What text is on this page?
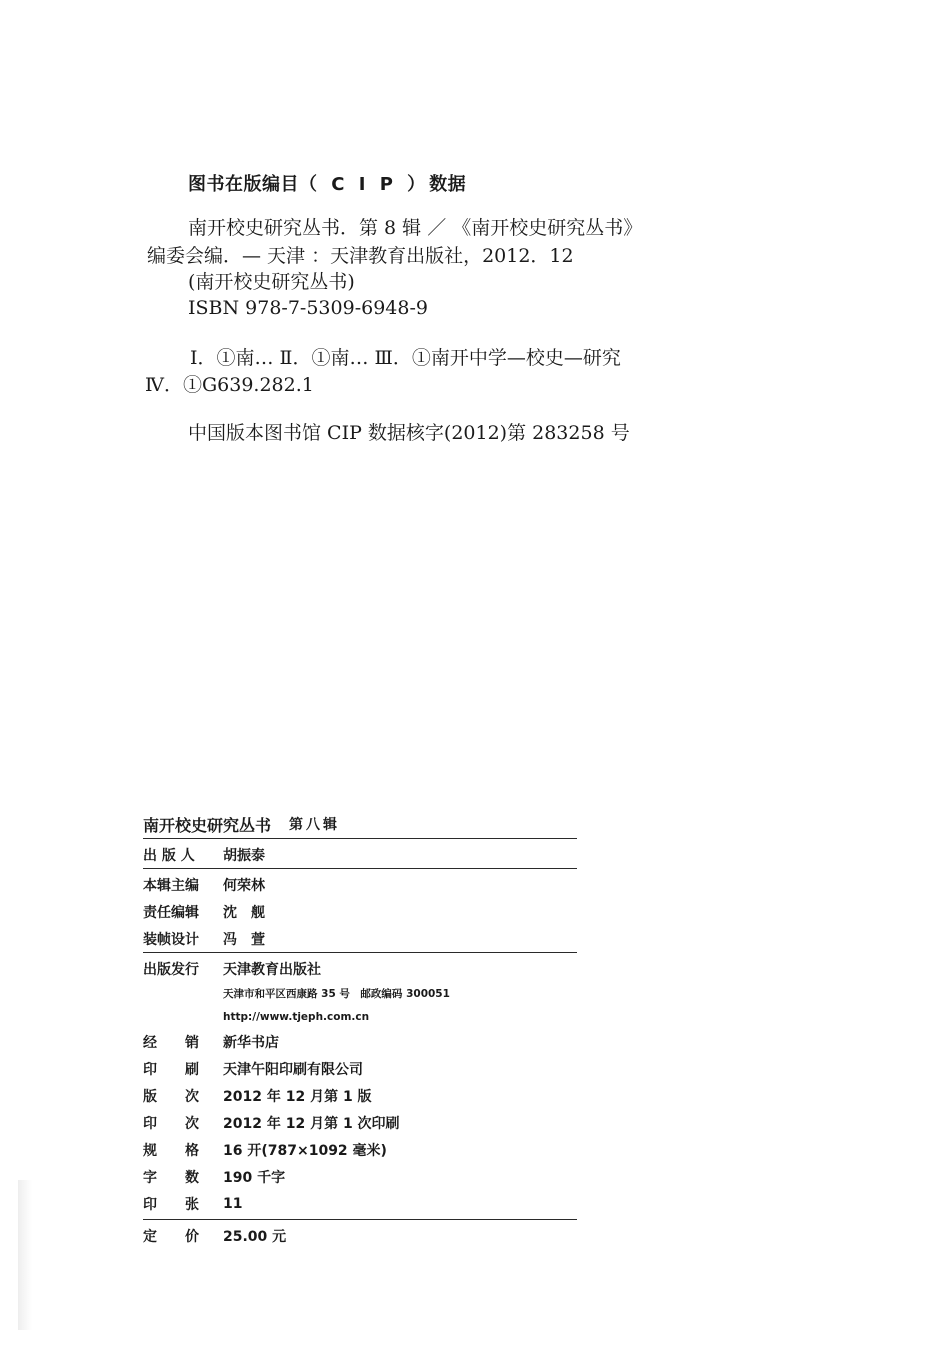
图书在版编目（ C I P ）数据
南开校史研究丛书．第 8 辑 ／ 《南开校史研究丛书》
编委会编．— 天津 ：天津教育出版社，2012．12
(南开校史研究丛书)
ISBN 978-7-5309-6948-9
Ⅰ．①南… Ⅱ．①南… Ⅲ．①南开中学—校史—研究
Ⅳ．①G639.282.1
中国版本图书馆 CIP 数据核字(2012)第 283258 号
南开校史研究丛书 第八辑
出 版 人	胡振泰
本辑主编	何荣林
责任编辑	沈　舰
装帧设计	冯　萱
出版发行	天津教育出版社
天津市和平区西康路 35 号　邮政编码 300051
http://www.tjeph.com.cn
经　　销	新华书店
印　　刷	天津午阳印刷有限公司
版　　次	2012 年 12 月第 1 版
印　　次	2012 年 12 月第 1 次印刷
规　　格	16 开(787×1092 毫米)
字　　数	190 千字
印　　张	11
定　　价	25.00 元
